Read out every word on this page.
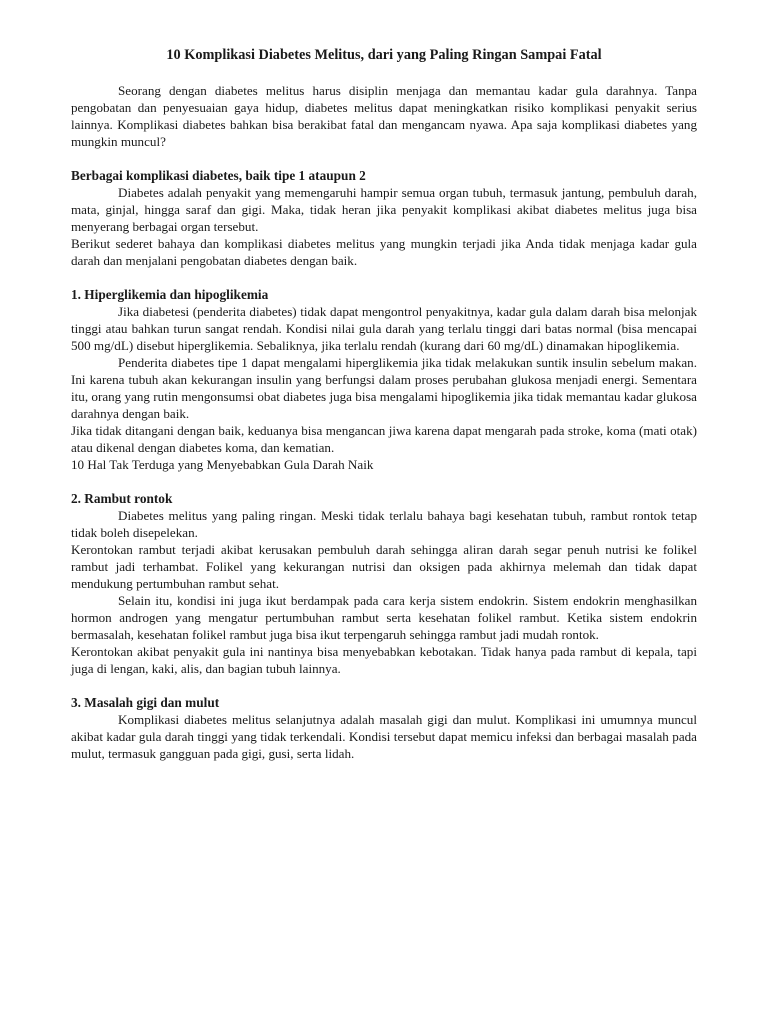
10 Komplikasi Diabetes Melitus, dari yang Paling Ringan Sampai Fatal

Seorang dengan diabetes melitus harus disiplin menjaga dan memantau kadar gula darahnya. Tanpa pengobatan dan penyesuaian gaya hidup, diabetes melitus dapat meningkatkan risiko komplikasi penyakit serius lainnya. Komplikasi diabetes bahkan bisa berakibat fatal dan mengancam nyawa. Apa saja komplikasi diabetes yang mungkin muncul?

Berbagai komplikasi diabetes, baik tipe 1 ataupun 2

Diabetes adalah penyakit yang memengaruhi hampir semua organ tubuh, termasuk jantung, pembuluh darah, mata, ginjal, hingga saraf dan gigi. Maka, tidak heran jika penyakit komplikasi akibat diabetes melitus juga bisa menyerang berbagai organ tersebut.

Berikut sederet bahaya dan komplikasi diabetes melitus yang mungkin terjadi jika Anda tidak menjaga kadar gula darah dan menjalani pengobatan diabetes dengan baik.

1. Hiperglikemia dan hipoglikemia

Jika diabetesi (penderita diabetes) tidak dapat mengontrol penyakitnya, kadar gula dalam darah bisa melonjak tinggi atau bahkan turun sangat rendah. Kondisi nilai gula darah yang terlalu tinggi dari batas normal (bisa mencapai 500 mg/dL) disebut hiperglikemia. Sebaliknya, jika terlalu rendah (kurang dari 60 mg/dL) dinamakan hipoglikemia.

Penderita diabetes tipe 1 dapat mengalami hiperglikemia jika tidak melakukan suntik insulin sebelum makan. Ini karena tubuh akan kekurangan insulin yang berfungsi dalam proses perubahan glukosa menjadi energi. Sementara itu, orang yang rutin mengonsumsi obat diabetes juga bisa mengalami hipoglikemia jika tidak memantau kadar glukosa darahnya dengan baik.

Jika tidak ditangani dengan baik, keduanya bisa mengancan jiwa karena dapat mengarah pada stroke, koma (mati otak) atau dikenal dengan diabetes koma, dan kematian.

10 Hal Tak Terduga yang Menyebabkan Gula Darah Naik

2. Rambut rontok

Diabetes melitus yang paling ringan. Meski tidak terlalu bahaya bagi kesehatan tubuh, rambut rontok tetap tidak boleh disepelekan.

Kerontokan rambut terjadi akibat kerusakan pembuluh darah sehingga aliran darah segar penuh nutrisi ke folikel rambut jadi terhambat. Folikel yang kekurangan nutrisi dan oksigen pada akhirnya melemah dan tidak dapat mendukung pertumbuhan rambut sehat.

Selain itu, kondisi ini juga ikut berdampak pada cara kerja sistem endokrin. Sistem endokrin menghasilkan hormon androgen yang mengatur pertumbuhan rambut serta kesehatan folikel rambut. Ketika sistem endokrin bermasalah, kesehatan folikel rambut juga bisa ikut terpengaruh sehingga rambut jadi mudah rontok.

Kerontokan akibat penyakit gula ini nantinya bisa menyebabkan kebotakan. Tidak hanya pada rambut di kepala, tapi juga di lengan, kaki, alis, dan bagian tubuh lainnya.

3. Masalah gigi dan mulut

Komplikasi diabetes melitus selanjutnya adalah masalah gigi dan mulut. Komplikasi ini umumnya muncul akibat kadar gula darah tinggi yang tidak terkendali. Kondisi tersebut dapat memicu infeksi dan berbagai masalah pada mulut, termasuk gangguan pada gigi, gusi, serta lidah.
